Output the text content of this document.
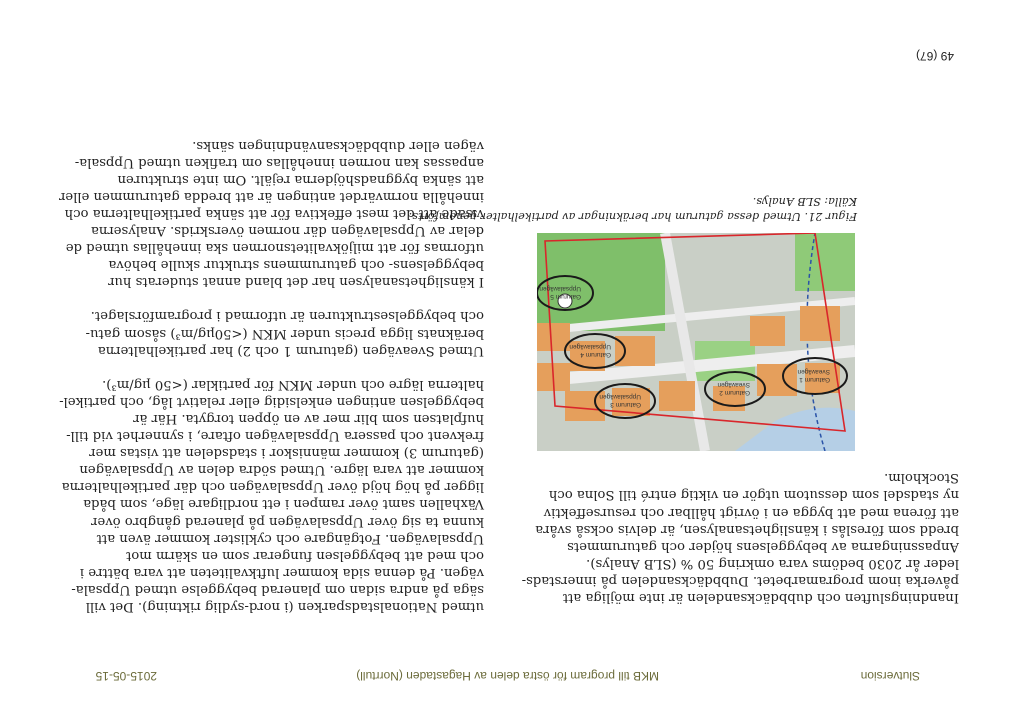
Slutversion
MKB till program för östra delen av Hagastaden (Norrtull)
2015-05-15

Inandningsluften och dubbdäcksandelen är inte möjliga att

påverka inom programarbetet. Dubbdäcksandelen på innerstads-

leder år 2030 bedöms vara omkring 50 % (SLB Analys).

Anpassningarna av bebyggelsens höjder och gaturummets

bredd som föreslås i känslighetsanalysen, är delvis också svåra

att förena med att bygga en i övrigt hållbar och resurseffektiv

ny stadsdel som dessutom utgör en viktig entré till Solna och

Stockholm.

Gaturum 1
Sveavägen
Gaturum 2
Sveavägen
Gaturum 3
Uppsalavägen
Gaturum 4
Uppsalavägen
Gaturum 5
Uppsalavägen

Figur 21. Utmed dessa gaturum har beräkningar av partikelhalter genomförts.

Källa: SLB Analys.

utmed Nationalstadsparken (i nord-sydlig riktning). Det vill

säga på andra sidan om planerad bebyggelse utmed Uppsala-

vägen. På denna sida kommer luftkvaliteten att vara bättre i

och med att bebyggelsen fungerar som en skärm mot

Uppsalavägen. Fotgängare och cyklister kommer även att

kunna ta sig över Uppsalavägen på planerad gångbro över

Växhallen samt över rampen i ett nordligare läge, som båda

ligger på hög höjd över Uppsalavägen och där partikelhalterna

kommer att vara lägre. Utmed södra delen av Uppsalavägen

(gaturum 3) kommer människor i stadsdelen att vistas mer

frekvent och passera Uppsalavägen oftare, i synnerhet vid till-

hufplatsen som blir mer av en öppen torgyta. Här är

bebyggelsen antingen enkelsidig eller relativt låg, och partikel-

halterna lägre och under MKN för partiklar (<50 µg/m³).

Utmed Sveavägen (gaturum 1 och 2) har partikelhalterna

beräknats ligga precis under MKN (<50µg/m³) såsom gatu-

och bebyggelsestrukturen är utformad i programförslaget.

I känslighetsanalysen har det bland annat studerats hur

bebyggelsens- och gaturummens struktur skulle behöva

utformas för att miljökvalitetsnormen ska innehållas utmed de

delar av Uppsalavägen där normen överskrids. Analyserna

visade att det mest effektiva för att sänka partikelhalterna och

innehålla normvärdet antingen är att bredda gaturummen eller

att sänka byggnadshöjderna rejält. Om inte strukturen

anpassas kan normen innehållas om trafiken utmed Uppsala-

vägen eller dubbdäcksanvändningen sänks.

49 (67)
